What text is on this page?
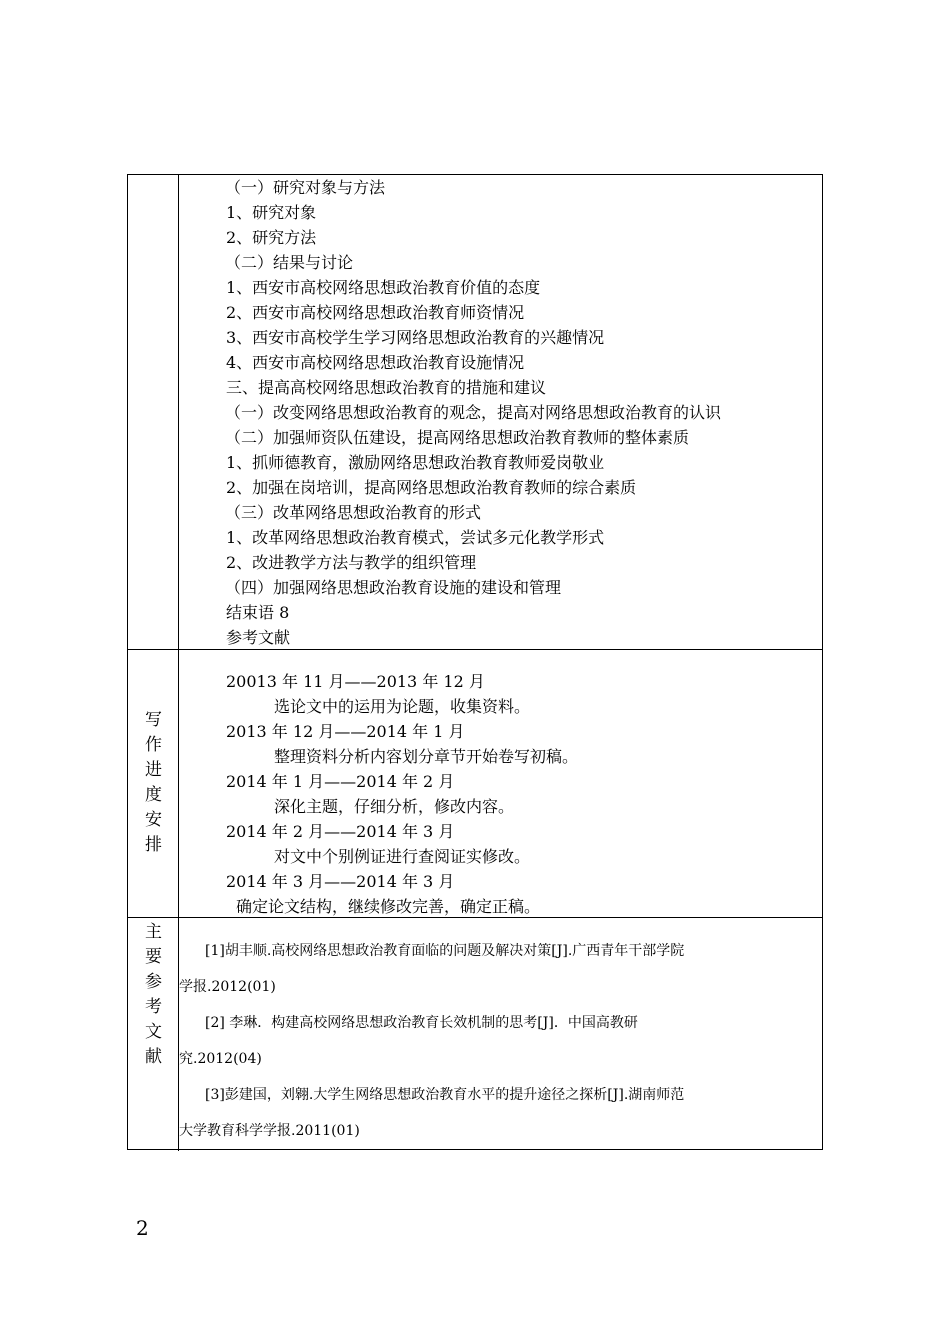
（一）研究对象与方法
1、研究对象
2、研究方法
（二）结果与讨论
1、西安市高校网络思想政治教育价值的态度
2、西安市高校网络思想政治教育师资情况
3、西安市高校学生学习网络思想政治教育的兴趣情况
4、西安市高校网络思想政治教育设施情况
三、提高高校网络思想政治教育的措施和建议
（一）改变网络思想政治教育的观念，提高对网络思想政治教育的认识
（二）加强师资队伍建设，提高网络思想政治教育教师的整体素质
1、抓师德教育，激励网络思想政治教育教师爱岗敬业
2、加强在岗培训，提高网络思想政治教育教师的综合素质
（三）改革网络思想政治教育的形式
1、改革网络思想政治教育模式，尝试多元化教学形式
2、改进教学方法与教学的组织管理
（四）加强网络思想政治教育设施的建设和管理
结束语 8
参考文献
写
作
进
度
安
排
20013 年 11 月——2013 年 12 月
选论文中的运用为论题，收集资料。
2013 年 12 月——2014 年 1 月
整理资料分析内容划分章节开始卷写初稿。
2014 年 1 月——2014 年 2 月
深化主题，仔细分析，修改内容。
2014 年 2 月——2014 年 3 月
对文中个别例证进行查阅证实修改。
2014 年 3 月——2014 年 3 月
确定论文结构，继续修改完善，确定正稿。
主
要
参
考
文
献
[1]胡丰顺.高校网络思想政治教育面临的问题及解决对策[J].广西青年干部学院
学报.2012(01)
[2] 李琳．构建高校网络思想政治教育长效机制的思考[J]．中国高教研
究.2012(04)
[3]彭建国，刘翱.大学生网络思想政治教育水平的提升途径之探析[J].湖南师范
大学教育科学学报.2011(01)
2
